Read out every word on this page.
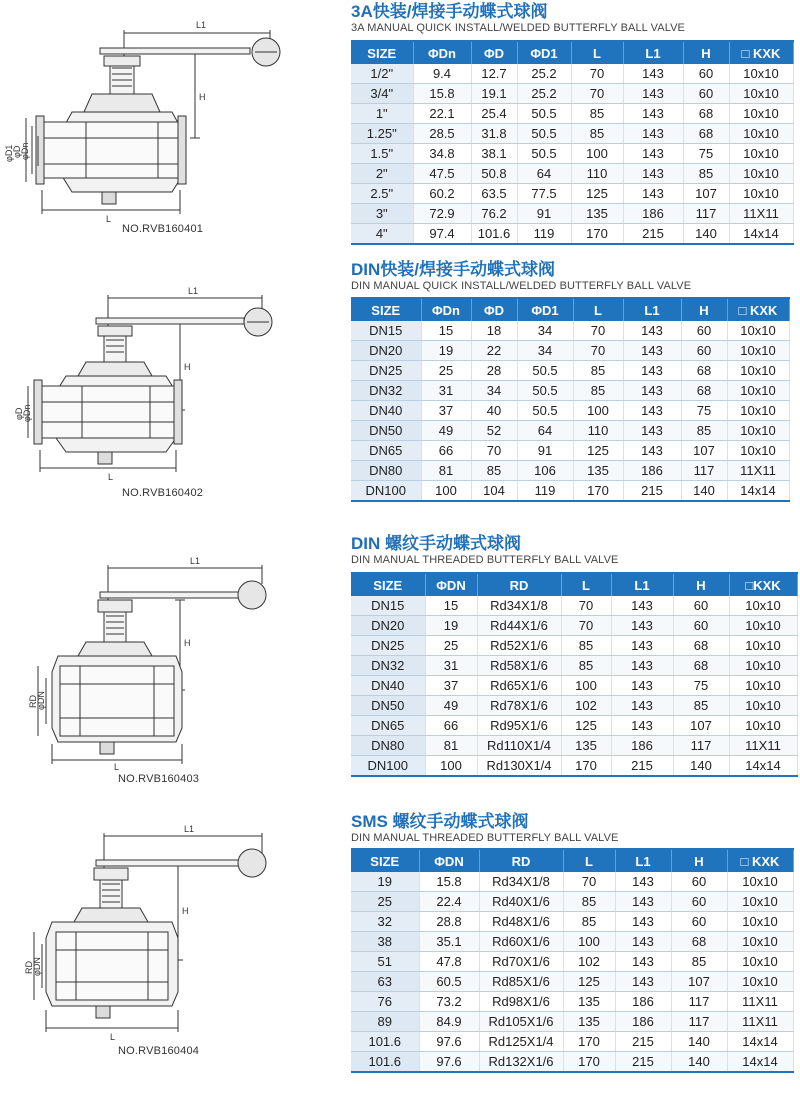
L1
H
L
φD1
φD
φDn
NO.RVB160401
3A快装/焊接手动蝶式球阀
3A MANUAL QUICK INSTALL/WELDED BUTTERFLY BALL VALVE
SIZE	ΦDn	ΦD	ΦD1	L	L1	H	□ KXK
1/2"	9.4	12.7	25.2	70	143	60	10x10
3/4"	15.8	19.1	25.2	70	143	60	10x10
1"	22.1	25.4	50.5	85	143	68	10x10
1.25"	28.5	31.8	50.5	85	143	68	10x10
1.5"	34.8	38.1	50.5	100	143	75	10x10
2"	47.5	50.8	64	110	143	85	10x10
2.5"	60.2	63.5	77.5	125	143	107	10x10
3"	72.9	76.2	91	135	186	117	11X11
4"	97.4	101.6	119	170	215	140	14x14
L1
H
L
φD
φDn
NO.RVB160402
DIN快装/焊接手动蝶式球阀
DIN MANUAL QUICK INSTALL/WELDED BUTTERFLY BALL VALVE
SIZE	ΦDn	ΦD	ΦD1	L	L1	H	□ KXK
DN15	15	18	34	70	143	60	10x10
DN20	19	22	34	70	143	60	10x10
DN25	25	28	50.5	85	143	68	10x10
DN32	31	34	50.5	85	143	68	10x10
DN40	37	40	50.5	100	143	75	10x10
DN50	49	52	64	110	143	85	10x10
DN65	66	70	91	125	143	107	10x10
DN80	81	85	106	135	186	117	11X11
DN100	100	104	119	170	215	140	14x14
L1
H
L
RD
φDN
NO.RVB160403
DIN 螺纹手动蝶式球阀
DIN MANUAL THREADED BUTTERFLY BALL VALVE
SIZE	ΦDN	RD	L	L1	H	□KXK
DN15	15	Rd34X1/8	70	143	60	10x10
DN20	19	Rd44X1/6	70	143	60	10x10
DN25	25	Rd52X1/6	85	143	68	10x10
DN32	31	Rd58X1/6	85	143	68	10x10
DN40	37	Rd65X1/6	100	143	75	10x10
DN50	49	Rd78X1/6	102	143	85	10x10
DN65	66	Rd95X1/6	125	143	107	10x10
DN80	81	Rd110X1/4	135	186	117	11X11
DN100	100	Rd130X1/4	170	215	140	14x14
L1
H
L
RD
φDN
NO.RVB160404
SMS 螺纹手动蝶式球阀
DIN MANUAL THREADED BUTTERFLY BALL VALVE
SIZE	ΦDN	RD	L	L1	H	□ KXK
19	15.8	Rd34X1/8	70	143	60	10x10
25	22.4	Rd40X1/6	85	143	60	10x10
32	28.8	Rd48X1/6	85	143	60	10x10
38	35.1	Rd60X1/6	100	143	68	10x10
51	47.8	Rd70X1/6	102	143	85	10x10
63	60.5	Rd85X1/6	125	143	107	10x10
76	73.2	Rd98X1/6	135	186	117	11X11
89	84.9	Rd105X1/6	135	186	117	11X11
101.6	97.6	Rd125X1/4	170	215	140	14x14
101.6	97.6	Rd132X1/6	170	215	140	14x14
